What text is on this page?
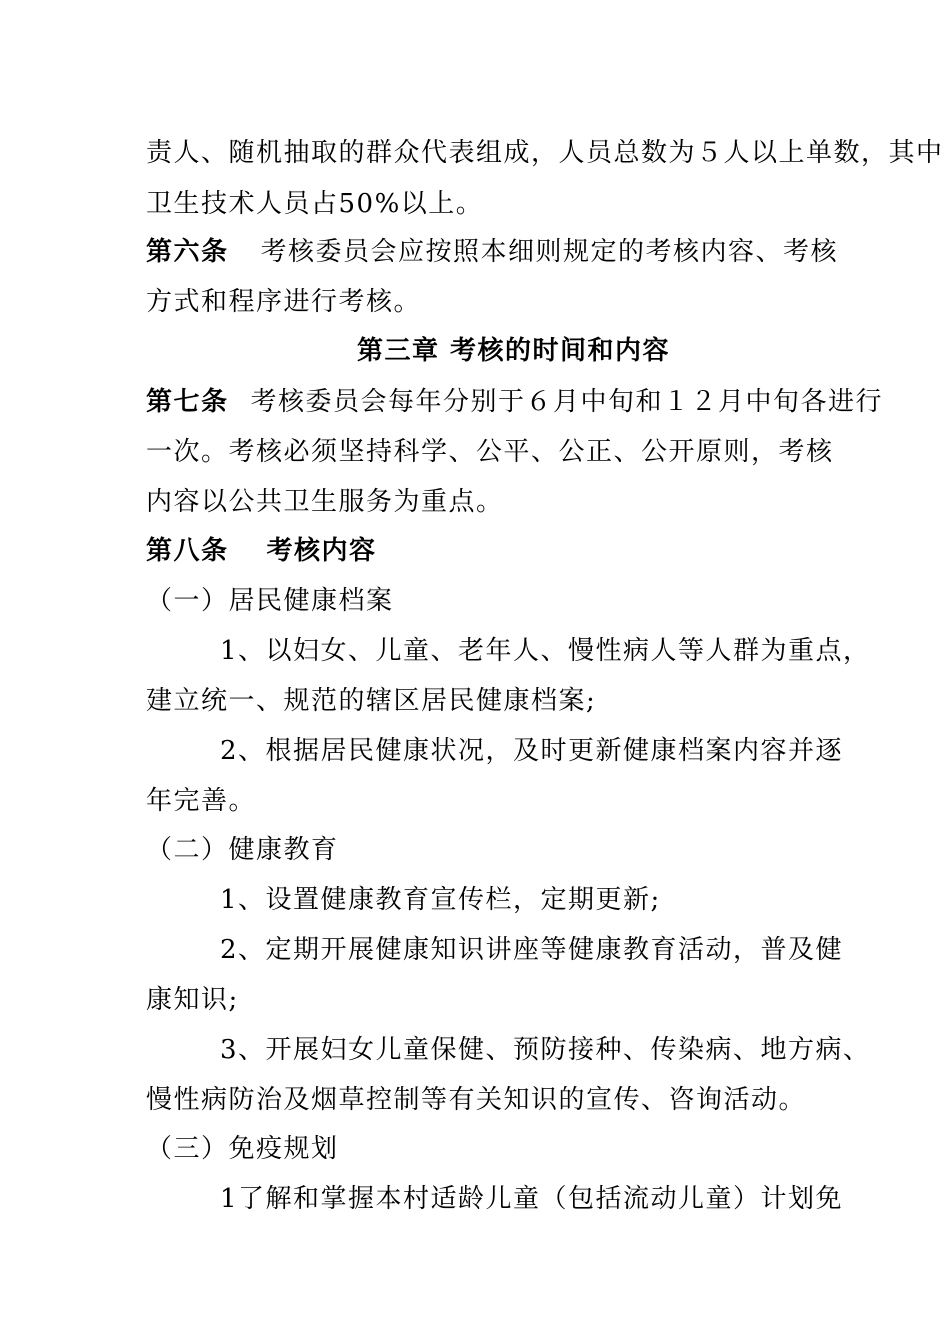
责人、随机抽取的群众代表组成，人员总数为５人以上单数，其中
卫生技术人员占50%以上。
第六条 考核委员会应按照本细则规定的考核内容、考核
方式和程序进行考核。
第三章 考核的时间和内容
第七条 考核委员会每年分别于６月中旬和１２月中旬各进行
一次。考核必须坚持科学、公平、公正、公开原则，考核
内容以公共卫生服务为重点。
第八条 考核内容
（一）居民健康档案
1、以妇女、儿童、老年人、慢性病人等人群为重点，
建立统一、规范的辖区居民健康档案;
2、根据居民健康状况，及时更新健康档案内容并逐
年完善。
（二）健康教育
1、设置健康教育宣传栏，定期更新;
2、定期开展健康知识讲座等健康教育活动，普及健
康知识;
3、开展妇女儿童保健、预防接种、传染病、地方病、
慢性病防治及烟草控制等有关知识的宣传、咨询活动。
（三）免疫规划
1了解和掌握本村适龄儿童（包括流动儿童）计划免
